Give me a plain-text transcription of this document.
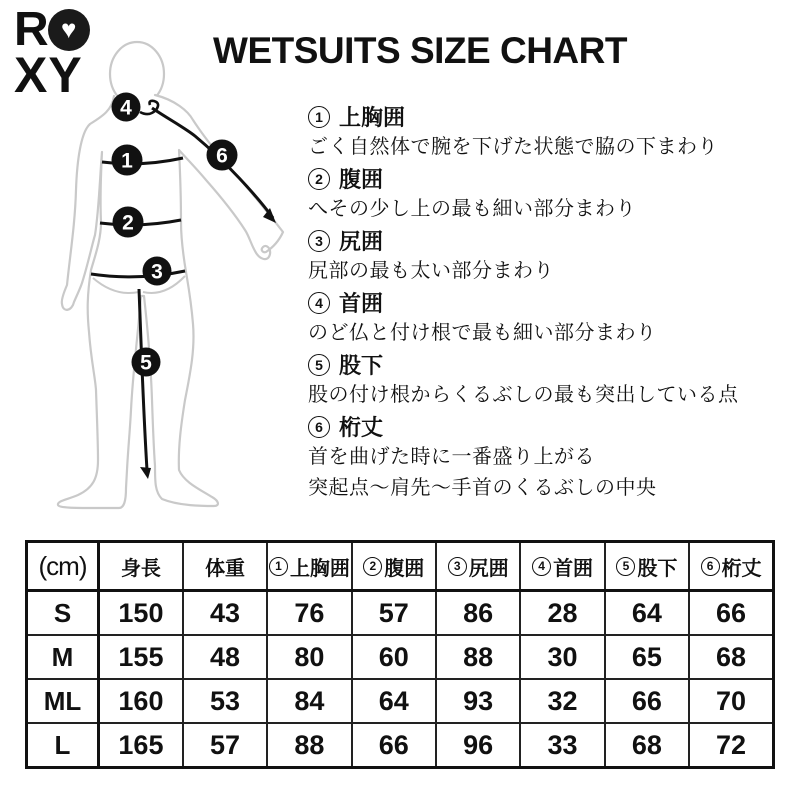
R ♥
XY	WETSUITS SIZE CHART
4
1
2
3
5
6
1 上胸囲
ごく自然体で腕を下げた状態で脇の下まわり
2 腹囲
へその少し上の最も細い部分まわり
3 尻囲
尻部の最も太い部分まわり
4 首囲
のど仏と付け根で最も細い部分まわり
5 股下
股の付け根からくるぶしの最も突出している点
6 桁丈
首を曲げた時に一番盛り上がる
突起点〜肩先〜手首のくるぶしの中央
(cm)	身長	体重	1 上胸囲	2 腹囲	3 尻囲	4 首囲	5 股下	6 桁丈

S	150	43	76	57	86	28	64	66
M	155	48	80	60	88	30	65	68
ML	160	53	84	64	93	32	66	70
L	165	57	88	66	96	33	68	72
